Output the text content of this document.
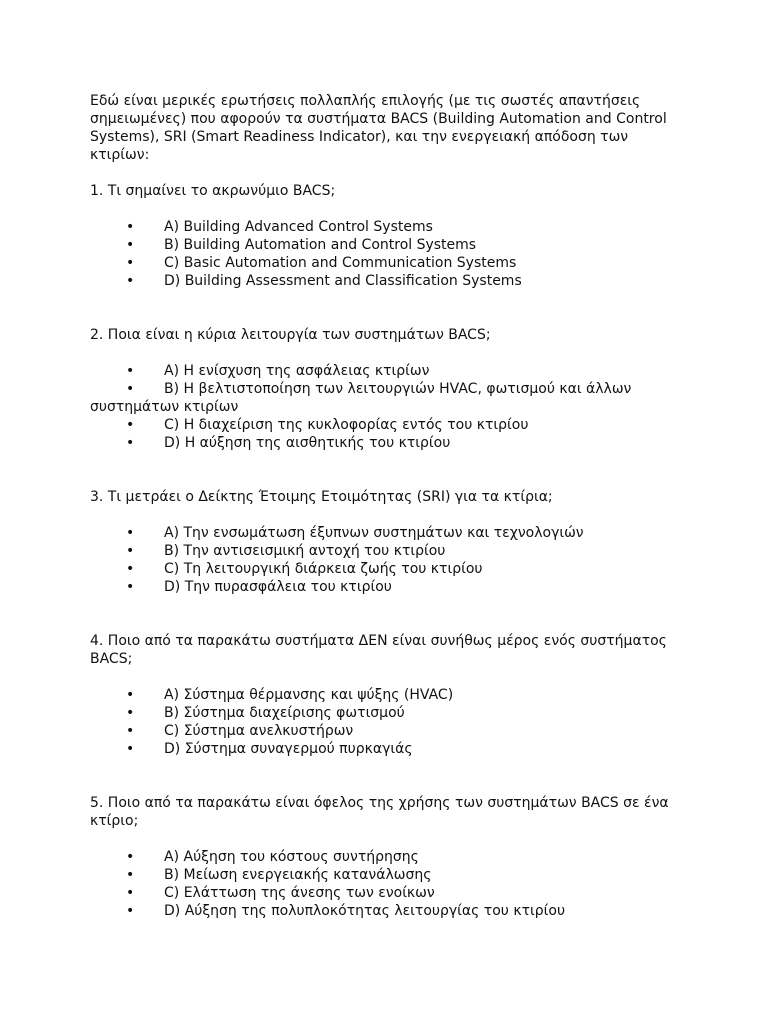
Εδώ είναι μερικές ερωτήσεις πολλαπλής επιλογής (με τις σωστές απαντήσεις σημειωμένες) που αφορούν τα συστήματα BACS (Building Automation and Control Systems), SRI (Smart Readiness Indicator), και την ενεργειακή απόδοση των κτιρίων:

1. Τι σημαίνει το ακρωνύμιο BACS;

• A) Building Advanced Control Systems
• B) Building Automation and Control Systems
• C) Basic Automation and Communication Systems
• D) Building Assessment and Classification Systems

2. Ποια είναι η κύρια λειτουργία των συστημάτων BACS;

• A) Η ενίσχυση της ασφάλειας κτιρίων
• B) Η βελτιστοποίηση των λειτουργιών HVAC, φωτισμού και άλλων συστημάτων κτιρίων
• C) Η διαχείριση της κυκλοφορίας εντός του κτιρίου
• D) Η αύξηση της αισθητικής του κτιρίου

3. Τι μετράει ο Δείκτης Έτοιμης Ετοιμότητας (SRI) για τα κτίρια;

• A) Την ενσωμάτωση έξυπνων συστημάτων και τεχνολογιών
• B) Την αντισεισμική αντοχή του κτιρίου
• C) Τη λειτουργική διάρκεια ζωής του κτιρίου
• D) Την πυρασφάλεια του κτιρίου

4. Ποιο από τα παρακάτω συστήματα ΔΕΝ είναι συνήθως μέρος ενός συστήματος BACS;

• A) Σύστημα θέρμανσης και ψύξης (HVAC)
• B) Σύστημα διαχείρισης φωτισμού
• C) Σύστημα ανελκυστήρων
• D) Σύστημα συναγερμού πυρκαγιάς

5. Ποιο από τα παρακάτω είναι όφελος της χρήσης των συστημάτων BACS σε ένα κτίριο;

• A) Αύξηση του κόστους συντήρησης
• B) Μείωση ενεργειακής κατανάλωσης
• C) Ελάττωση της άνεσης των ενοίκων
• D) Αύξηση της πολυπλοκότητας λειτουργίας του κτιρίου
